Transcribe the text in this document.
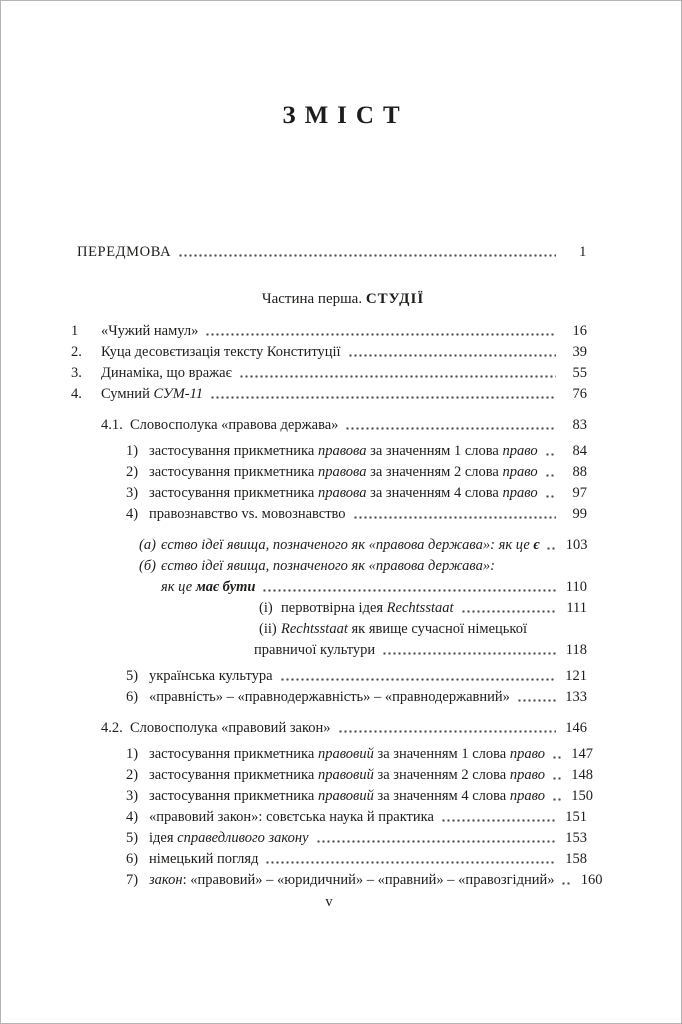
ЗМІСТ
ПЕРЕДМОВА	1
Частина перша. СТУДІЇ
1 «Чужий намул»	16
2. Куца десовєтизація тексту Конституції	39
3. Динаміка, що вражає	55
4. Сумний СУМ-11	76
4.1. Словосполука «правова держава»	83
1) застосування прикметника правова за значенням 1 слова право	84
2) застосування прикметника правова за значенням 2 слова право	88
3) застосування прикметника правова за значенням 4 слова право	97
4) правознавство vs. мовознавство	99
(а) єство ідеї явища, позначеного як «правова держава»: як це є 103
(б) єство ідеї явища, позначеного як «правова держава»:
як це має бути	110
(i) первотвірна ідея Rechtsstaat	111
(ii) Rechtsstaat як явище сучасної німецької
правничої культури	118
5) українська культура	121
6) «правність» – «правнодержавність» – «правнодержавний»	133
4.2. Словосполука «правовий закон»	146
1) застосування прикметника правовий за значенням 1 слова право 147
2) застосування прикметника правовий за значенням 2 слова право 148
3) застосування прикметника правовий за значенням 4 слова право 150
4) «правовий закон»: совєтська наука й практика	151
5) ідея справедливого закону	153
6) німецький погляд	158
7) закон: «правовий» – «юридичний» – «правний» – «правозгідний» 160
v
